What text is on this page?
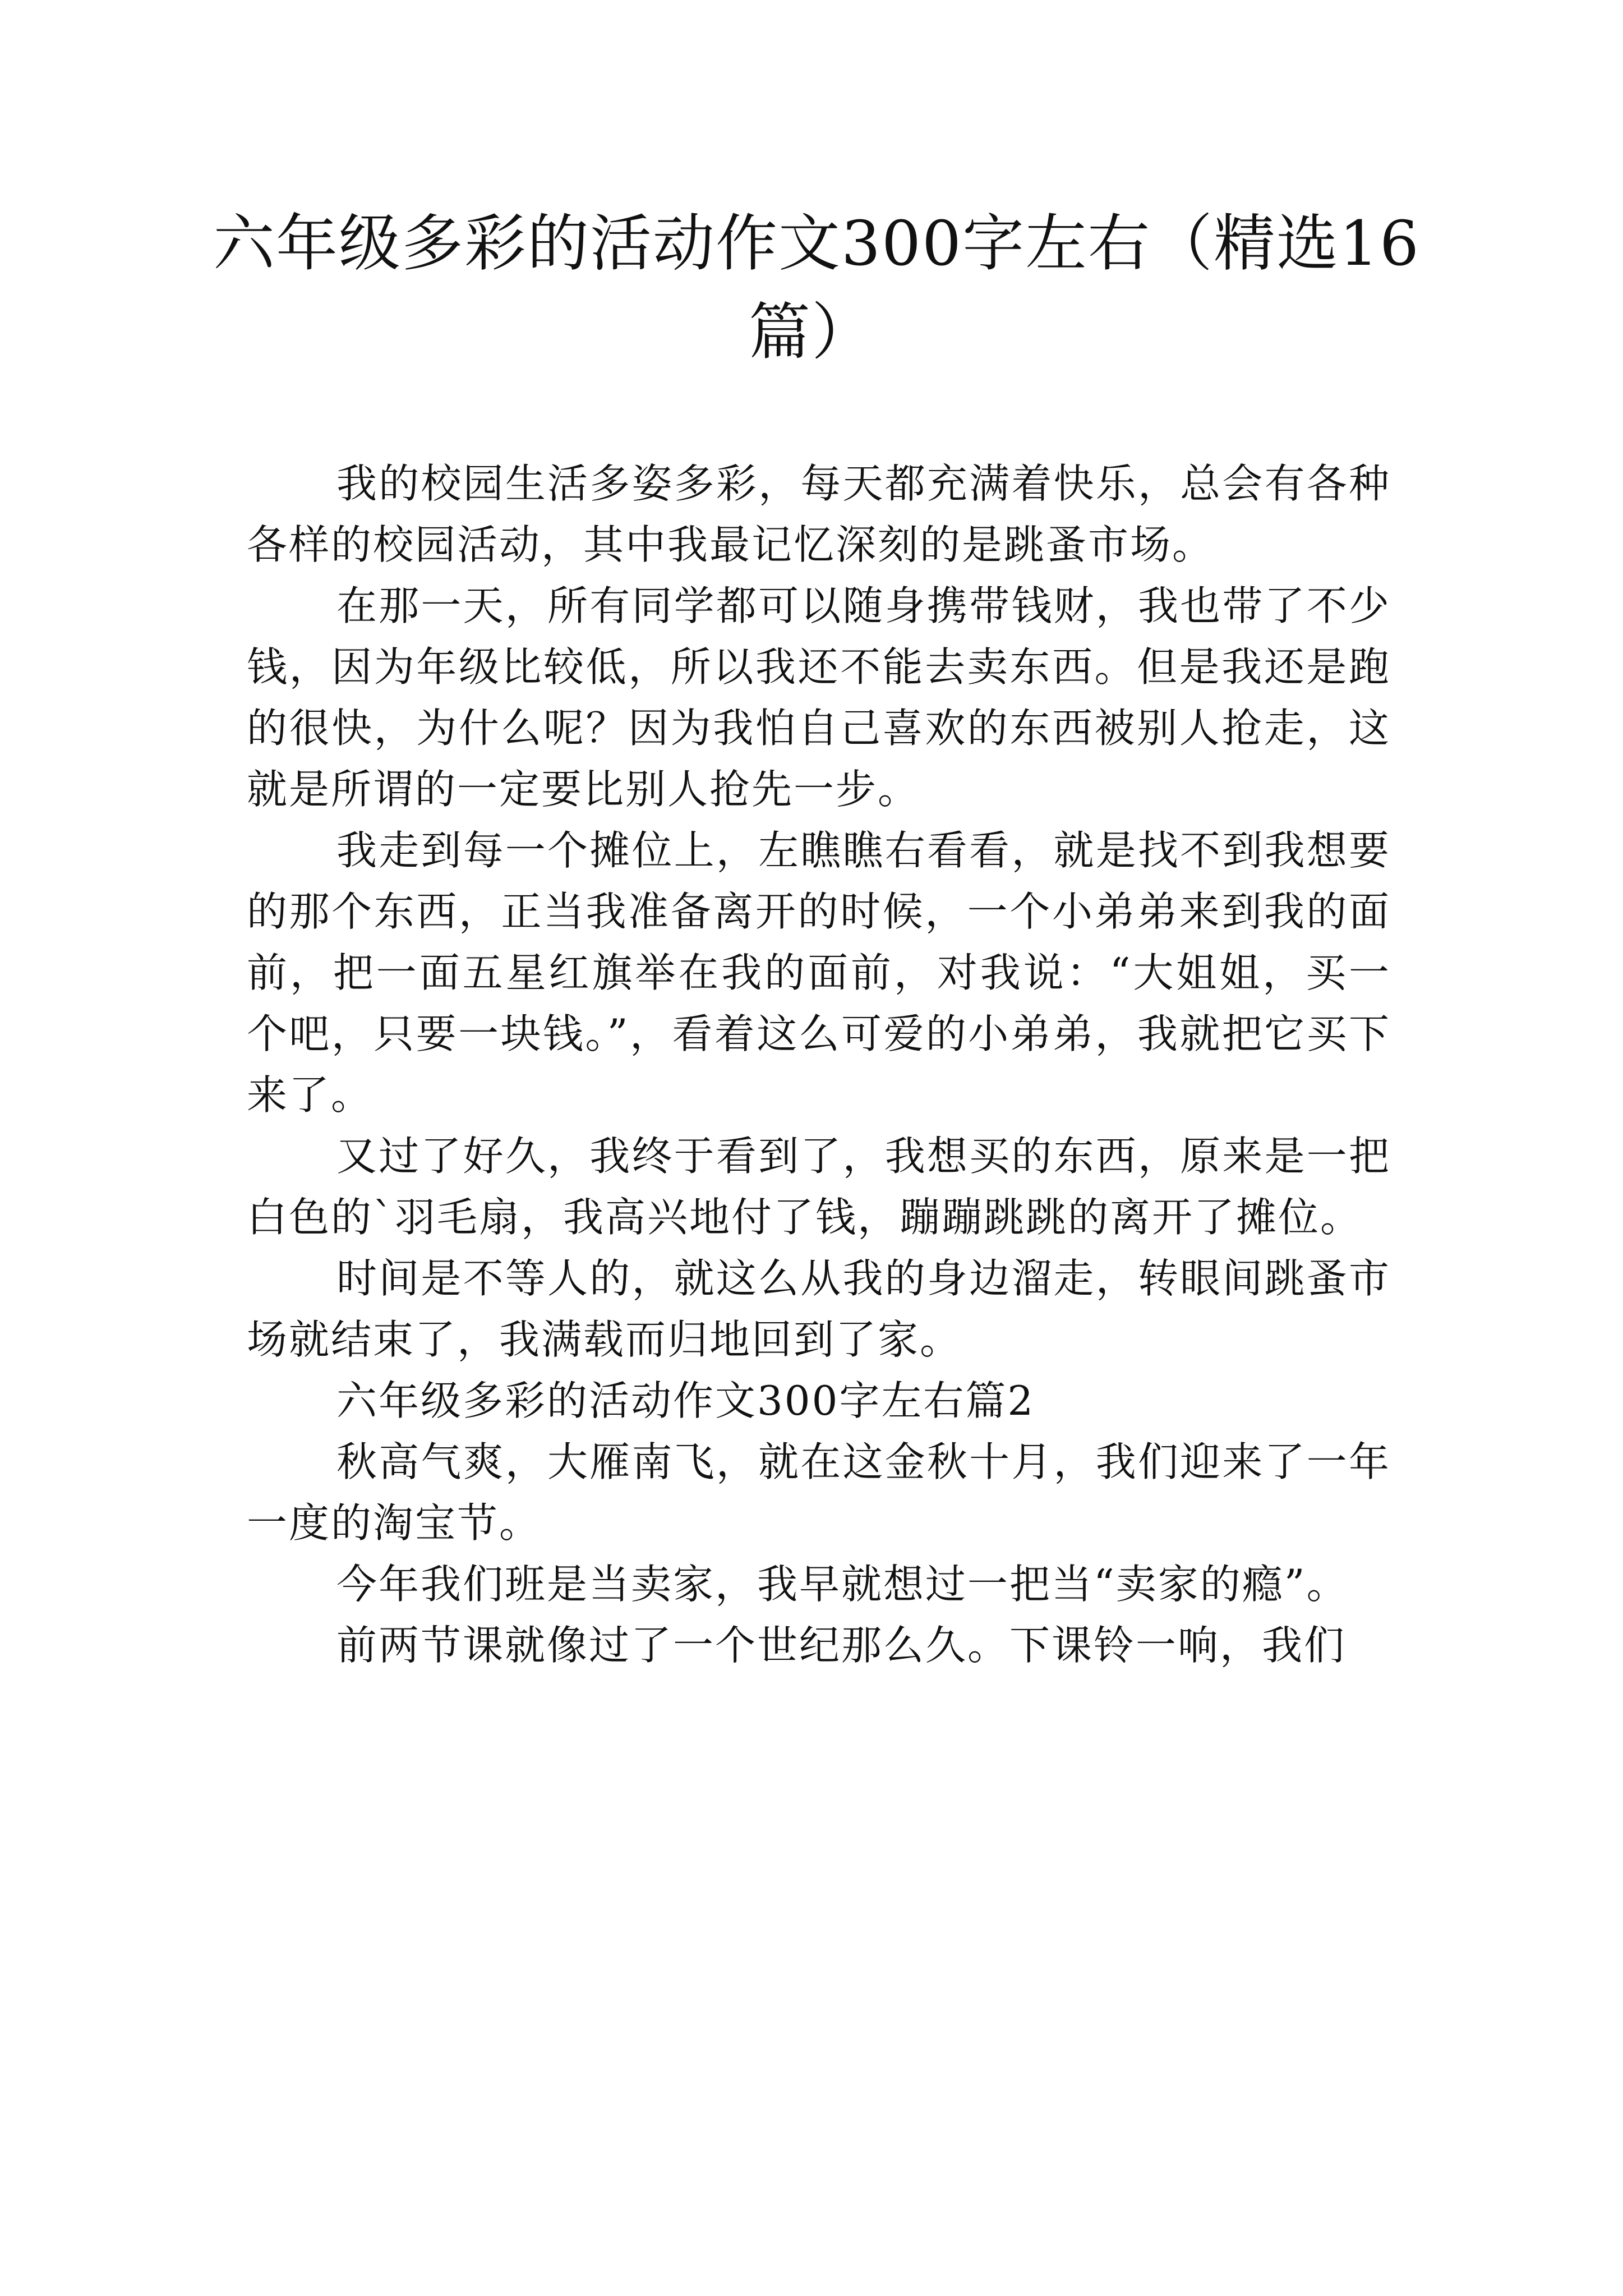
六年级多彩的活动作文300字左右（精选16
篇）

我的校园生活多姿多彩，每天都充满着快乐，总会有各种各样的校园活动，其中我最记忆深刻的是跳蚤市场。

在那一天，所有同学都可以随身携带钱财，我也带了不少钱，因为年级比较低，所以我还不能去卖东西。但是我还是跑的很快，为什么呢？因为我怕自己喜欢的东西被别人抢走，这就是所谓的一定要比别人抢先一步。

我走到每一个摊位上，左瞧瞧右看看，就是找不到我想要的那个东西，正当我准备离开的时候，一个小弟弟来到我的面前，把一面五星红旗举在我的面前，对我说：“大姐姐，买一个吧，只要一块钱。”，看着这么可爱的小弟弟，我就把它买下来了。

又过了好久，我终于看到了，我想买的东西，原来是一把白色的`羽毛扇，我高兴地付了钱，蹦蹦跳跳的离开了摊位。

时间是不等人的，就这么从我的身边溜走，转眼间跳蚤市场就结束了，我满载而归地回到了家。

六年级多彩的活动作文300字左右篇2

秋高气爽，大雁南飞，就在这金秋十月，我们迎来了一年一度的淘宝节。

今年我们班是当卖家，我早就想过一把当“卖家的瘾”。

前两节课就像过了一个世纪那么久。下课铃一响，我们
